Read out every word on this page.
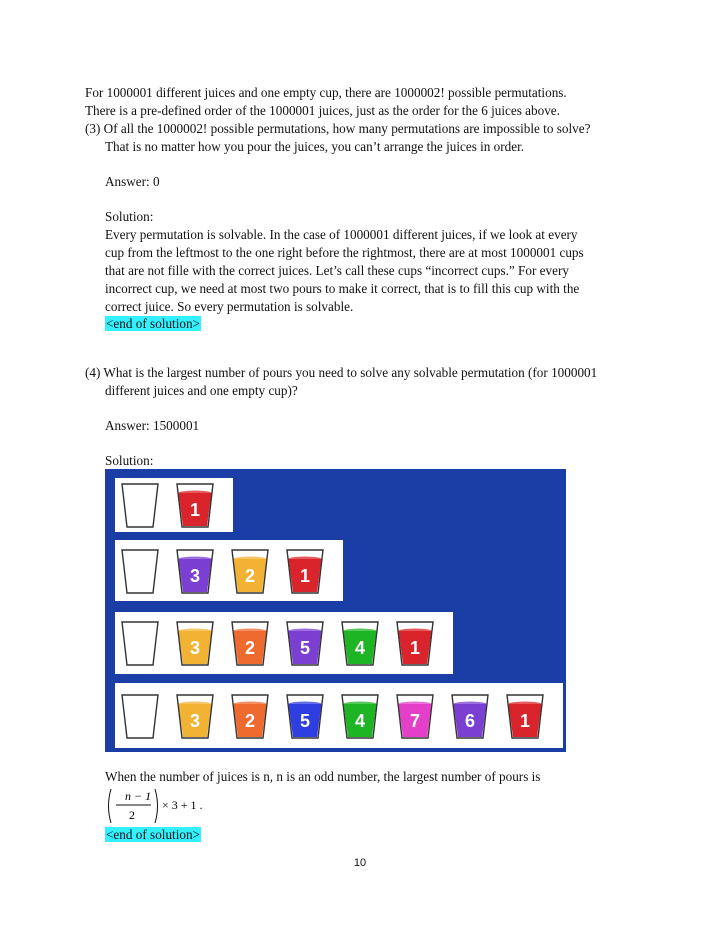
For 1000001 different juices and one empty cup, there are 1000002! possible permutations.
There is a pre-defined order of the 1000001 juices, just as the order for the 6 juices above.
(3) Of all the 1000002! possible permutations, how many permutations are impossible to solve?
That is no matter how you pour the juices, you can’t arrange the juices in order.
Answer: 0
Solution:
Every permutation is solvable. In the case of 1000001 different juices, if we look at every
cup from the leftmost to the one right before the rightmost, there are at most 1000001 cups
that are not fille with the correct juices. Let’s call these cups “incorrect cups.” For every
incorrect cup, we need at most two pours to make it correct, that is to fill this cup with the
correct juice. So every permutation is solvable.
<end of solution>
(4) What is the largest number of pours you need to solve any solvable permutation (for 1000001
different juices and one empty cup)?
Answer: 1500001
Solution:
1
3 2 1
3 2 5 4 1
3 2 5 4 7 6 1
When the number of juices is n, n is an odd number, the largest number of pours is
n − 1
2
× 3 + 1 .
<end of solution>
10
